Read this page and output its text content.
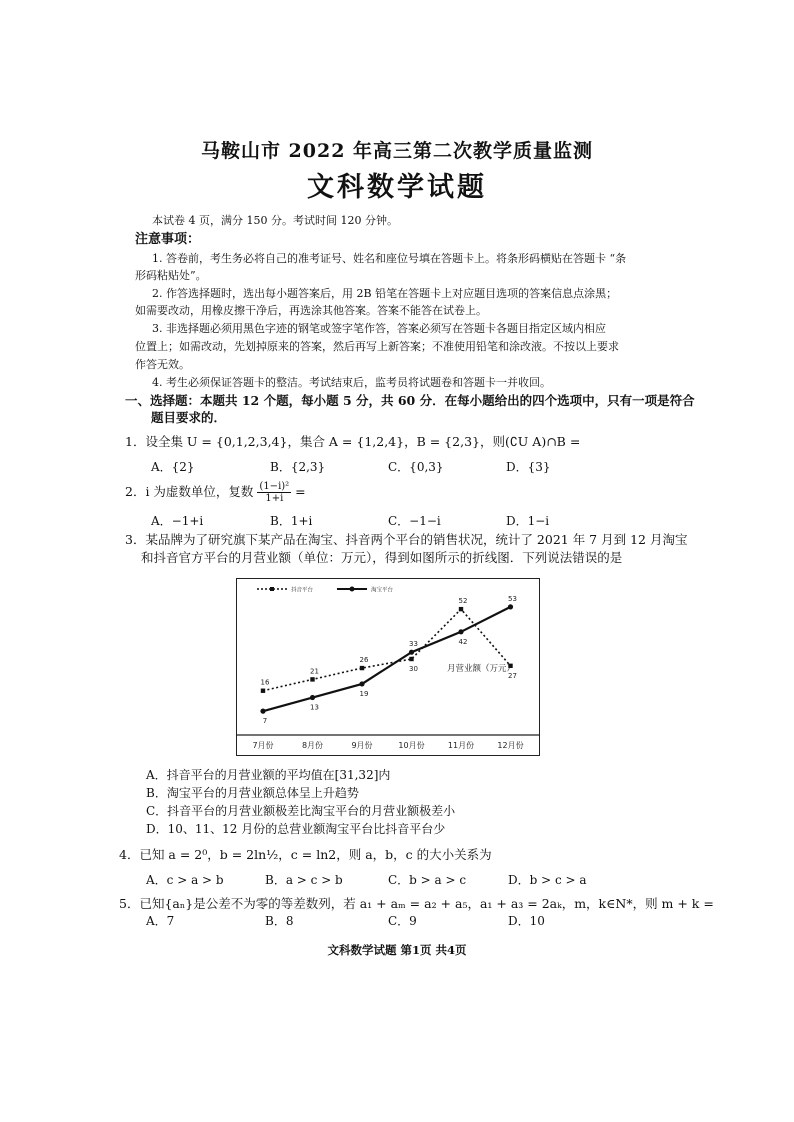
马鞍山市 2022 年高三第二次教学质量监测
文科数学试题
本试卷 4 页，满分 150 分。考试时间 120 分钟。
注意事项：
1. 答卷前，考生务必将自己的准考证号、姓名和座位号填在答题卡上。将条形码横贴在答题卡 “条
形码粘贴处”。
2. 作答选择题时，选出每小题答案后，用 2B 铅笔在答题卡上对应题目选项的答案信息点涂黑；
如需要改动，用橡皮擦干净后，再选涂其他答案。答案不能答在试卷上。
3. 非选择题必须用黑色字迹的钢笔或签字笔作答，答案必须写在答题卡各题目指定区域内相应
位置上；如需改动，先划掉原来的答案，然后再写上新答案；不准使用铅笔和涂改液。不按以上要求
作答无效。
4. 考生必须保证答题卡的整洁。考试结束后，监考员将试题卷和答题卡一并收回。
一、选择题：本题共 12 个题，每小题 5 分，共 60 分．在每小题给出的四个选项中，只有一项是符合
题目要求的．
1．设全集 U = {0,1,2,3,4}，集合 A = {1,2,4}，B = {2,3}，则(∁U A)∩B =
A．{2}	B．{2,3}	C．{0,3}	D．{3}
2．i 为虚数单位，复数 $\frac{\text{(1−i)²}}{1+i}$ =
A．−1+i	B．1+i	C．−1−i	D．1−i
3．某品牌为了研究旗下某产品在淘宝、抖音两个平台的销售状况，统计了 2021 年 7 月到 12 月淘宝
和抖音官方平台的月营业额（单位：万元），得到如图所示的折线图．下列说法错误的是
7月份	8月份	9月份	10月份	11月份	12月份
16
21
26
30
52
27
抖音平台
7
13
19
33	42
53
淘宝平台
月营业额（万元）
A．抖音平台的月营业额的平均值在[31,32]内
B．淘宝平台的月营业额总体呈上升趋势
C．抖音平台的月营业额极差比淘宝平台的月营业额极差小
D．10、11、12 月份的总营业额淘宝平台比抖音平台少
4．已知 a = 2⁰，b = 2ln½，c = ln2，则 a，b，c 的大小关系为
A．c > a > b	B．a > c > b	C．b > a > c	D．b > c > a
5．已知{aₙ}是公差不为零的等差数列，若 a₁ + aₘ = a₂ + a₅，a₁ + a₃ = 2aₖ，m，k∈N*，则 m + k =
A．7	B．8	C．9	D．10
文科数学试题 第1页 共4页
